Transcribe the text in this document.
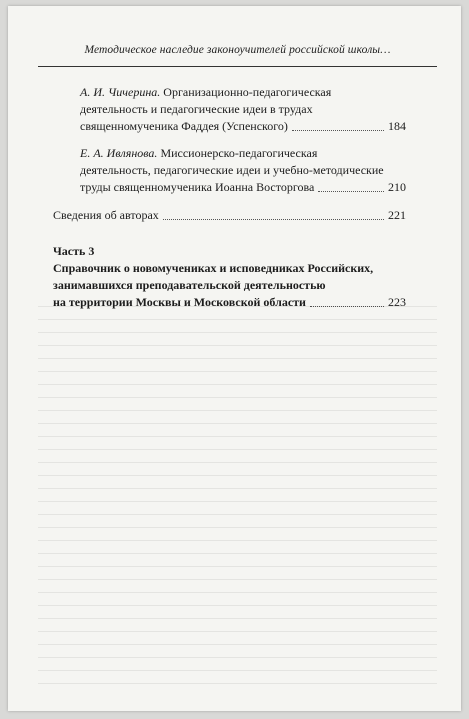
Методическое наследие законоучителей российской школы…
А. И. Чичерина. Организационно-педагогическая
деятельность и педагогические идеи в трудах
священномученика Фаддея (Успенского)	184
Е. А. Ивлянова. Миссионерско-педагогическая
деятельность, педагогические идеи и учебно-методические
труды священномученика Иоанна Восторгова	210
Сведения об авторах	221
Часть 3
Справочник о новомучениках и исповедниках Российских,
занимавшихся преподавательской деятельностью
на территории Москвы и Московской области	223
